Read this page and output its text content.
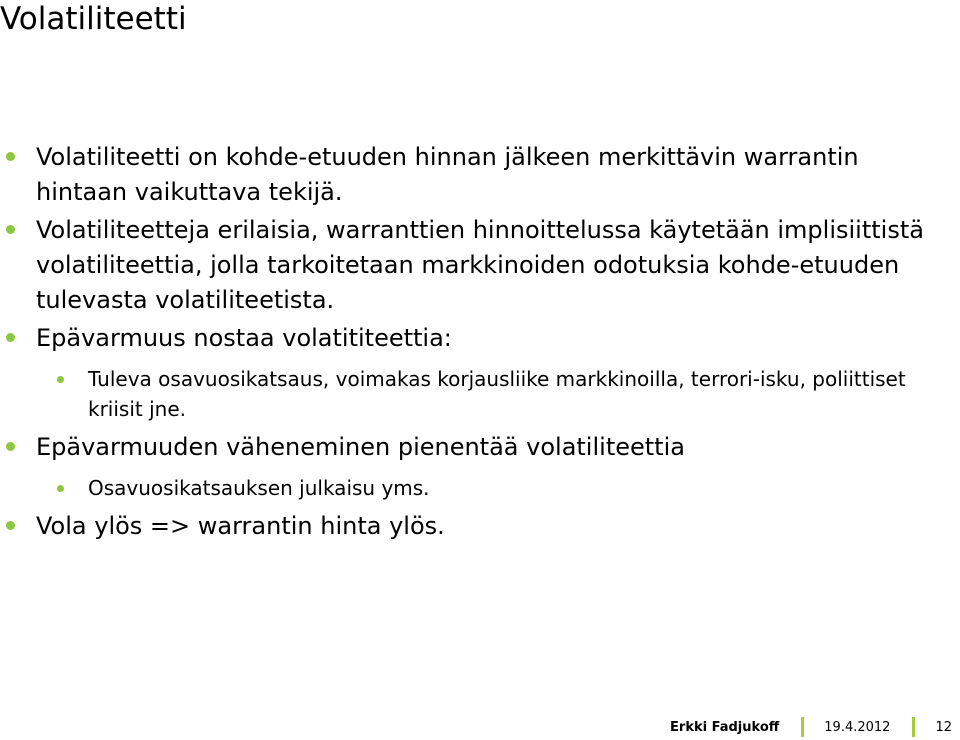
Volatiliteetti
Volatiliteetti on kohde-etuuden hinnan jälkeen merkittävin warrantin hintaan vaikuttava tekijä.
Volatiliteetteja erilaisia, warranttien hinnoittelussa käytetään implisiittistä volatiliteettia, jolla tarkoitetaan markkinoiden odotuksia kohde-etuuden tulevasta volatiliteetista.
Epävarmuus nostaa volatititeettia:
Tuleva osavuosikatsaus, voimakas korjausliike markkinoilla, terrori-isku, poliittiset kriisit jne.
Epävarmuuden väheneminen pienentää volatiliteettia
Osavuosikatsauksen julkaisu yms.
Vola ylös => warrantin hinta ylös.
Erkki Fadjukoff	19.4.2012	12
